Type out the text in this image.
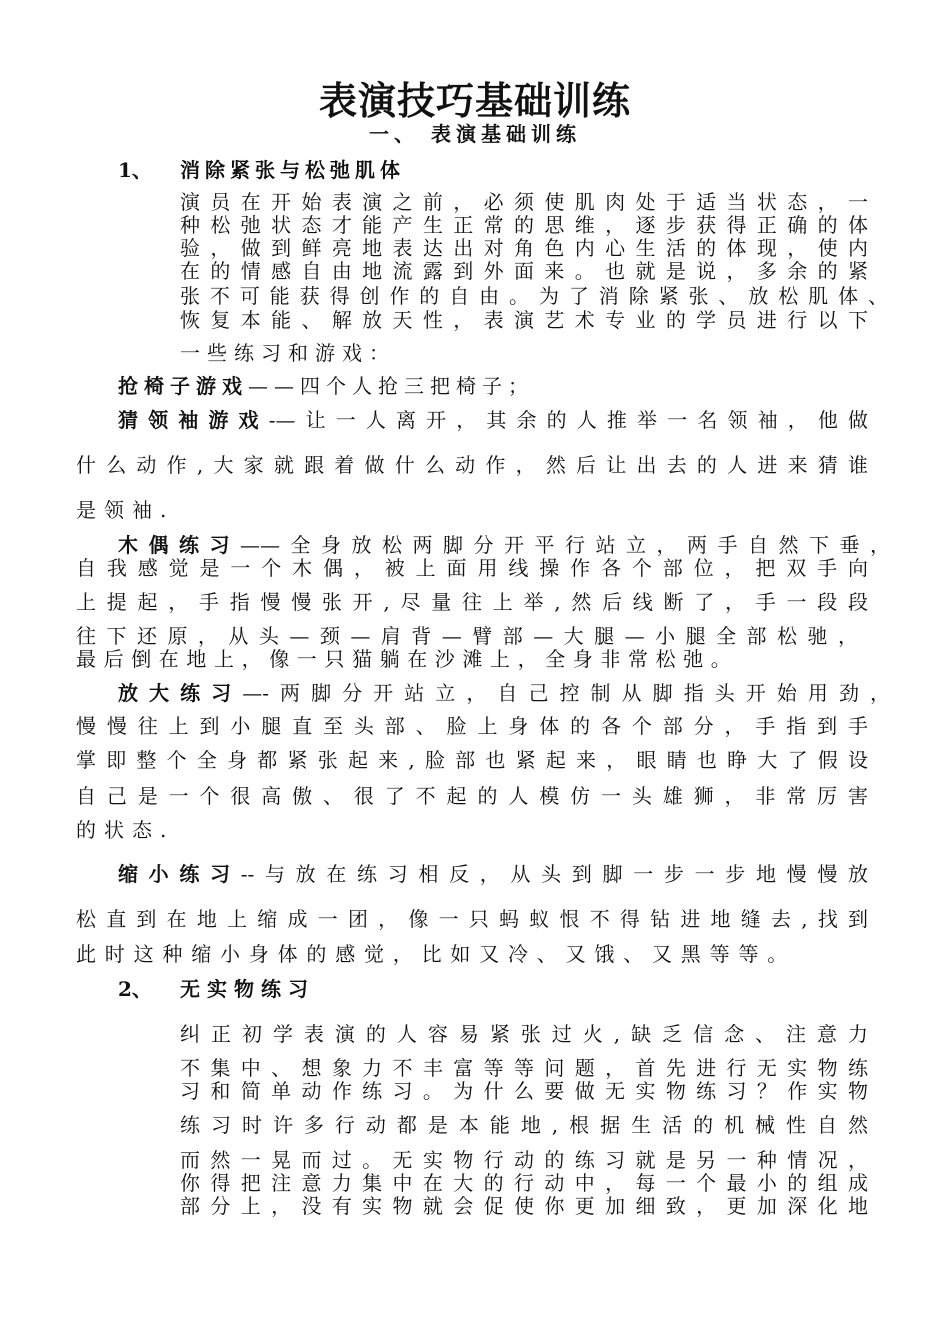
表演技巧基础训练
一、 表演基础训练
1、 消除紧张与松弛肌体
演员在开始表演之前，必须使肌肉处于适当状态，一
种松弛状态才能产生正常的思维，逐步获得正确的体
验，做到鲜亮地表达出对角色内心生活的体现，使内
在的情感自由地流露到外面来。也就是说，多余的紧
张不可能获得创作的自由。为了消除紧张、放松肌体、
恢复本能、解放天性，表演艺术专业的学员进行以下
一些练习和游戏：
抢椅子游戏——四个人抢三把椅子；
猜领袖游戏-—让一人离开，其余的人推举一名领袖，他做
什么动作,大家就跟着做什么动作，然后让出去的人进来猜谁
是领袖.
木偶练习——全身放松两脚分开平行站立，两手自然下垂，
自我感觉是一个木偶，被上面用线操作各个部位，把双手向
上提起，手指慢慢张开,尽量往上举,然后线断了，手一段段
往下还原，从头—颈—肩背—臂部—大腿—小腿全部松驰，
最后倒在地上，像一只猫躺在沙滩上，全身非常松弛。
放大练习—-两脚分开站立，自己控制从脚指头开始用劲，
慢慢往上到小腿直至头部、脸上身体的各个部分，手指到手
掌即整个全身都紧张起来,脸部也紧起来，眼睛也睁大了假设
自己是一个很高傲、很了不起的人模仿一头雄狮，非常厉害
的状态.
缩小练习--与放在练习相反，从头到脚一步一步地慢慢放
松直到在地上缩成一团，像一只蚂蚁恨不得钻进地缝去,找到
此时这种缩小身体的感觉，比如又冷、又饿、又黑等等。
2、 无实物练习
纠正初学表演的人容易紧张过火,缺乏信念、注意力
不集中、想象力不丰富等等问题，首先进行无实物练
习和简单动作练习。为什么要做无实物练习？作实物
练习时许多行动都是本能地,根据生活的机械性自然
而然一晃而过。无实物行动的练习就是另一种情况，
你得把注意力集中在大的行动中，每一个最小的组成
部分上，没有实物就会促使你更加细致，更加深化地
